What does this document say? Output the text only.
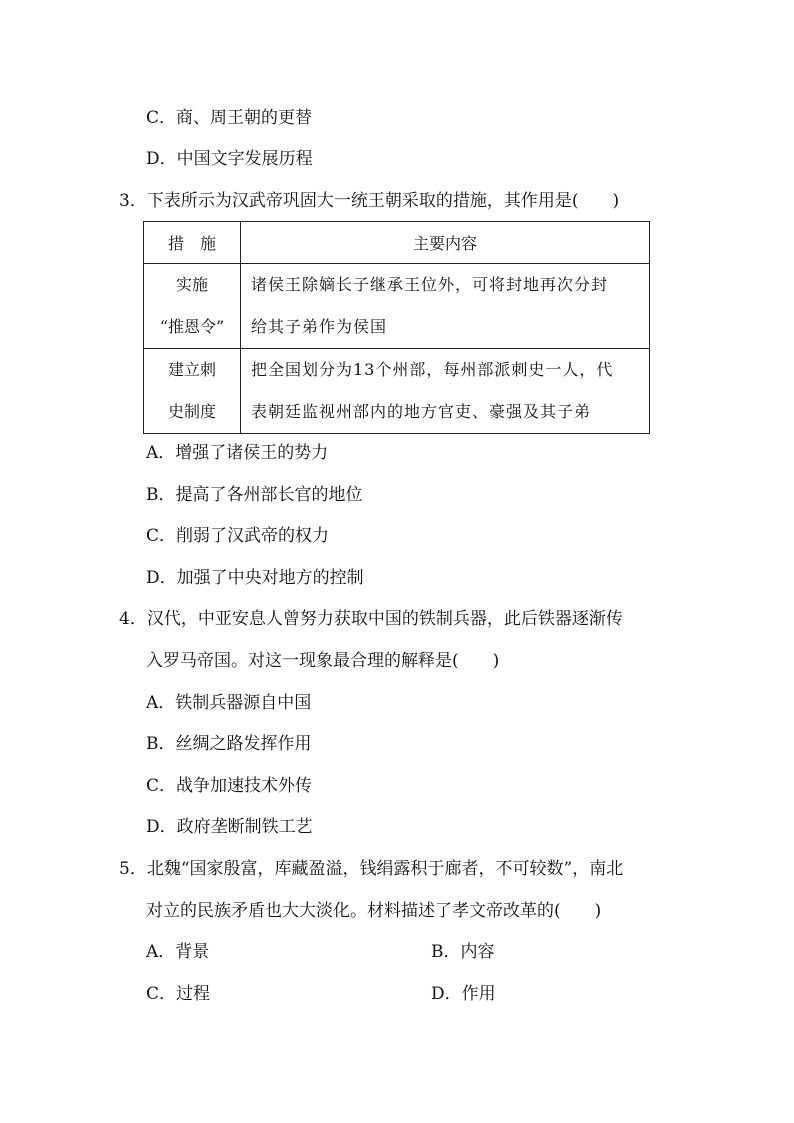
C．商、周王朝的更替
D．中国文字发展历程
3．下表所示为汉武帝巩固大一统王朝采取的措施，其作用是(　　)
措　施	主要内容
实施
“推恩令”	诸侯王除嫡长子继承王位外，可将封地再次分封
给其子弟作为侯国
建立刺
史制度	把全国划分为13个州部，每州部派刺史一人，代
表朝廷监视州部内的地方官吏、豪强及其子弟
A．增强了诸侯王的势力
B．提高了各州部长官的地位
C．削弱了汉武帝的权力
D．加强了中央对地方的控制
4．汉代，中亚安息人曾努力获取中国的铁制兵器，此后铁器逐渐传
入罗马帝国。对这一现象最合理的解释是(　　)
A．铁制兵器源自中国
B．丝绸之路发挥作用
C．战争加速技术外传
D．政府垄断制铁工艺
5．北魏“国家殷富，库藏盈溢，钱绢露积于廊者，不可较数”，南北
对立的民族矛盾也大大淡化。材料描述了孝文帝改革的(　　)
A．背景	B．内容
C．过程	D．作用
